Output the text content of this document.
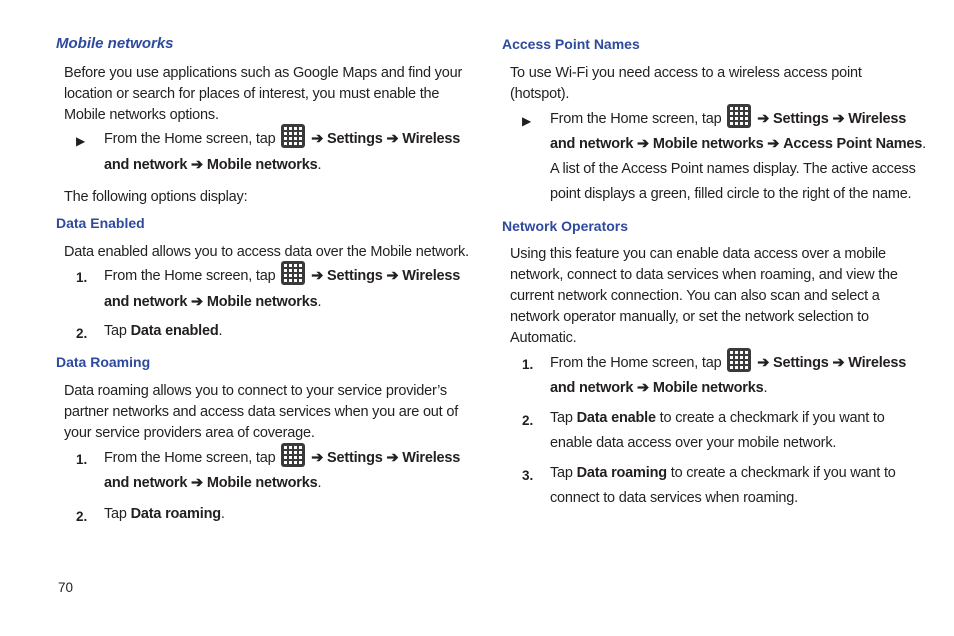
Mobile networks
Before you use applications such as Google Maps and find your location or search for places of interest, you must enable the Mobile networks options.
▶ From the Home screen, tap ➔ Settings ➔ Wireless
and network ➔ Mobile networks.
The following options display:
Data Enabled
Data enabled allows you to access data over the Mobile network.
1. From the Home screen, tap ➔ Settings ➔ Wireless
and network ➔ Mobile networks.
2. Tap Data enabled.
Data Roaming
Data roaming allows you to connect to your service provider’s partner networks and access data services when you are out of your service providers area of coverage.
1. From the Home screen, tap ➔ Settings ➔ Wireless
and network ➔ Mobile networks.
2. Tap Data roaming.
Access Point Names
To use Wi-Fi you need access to a wireless access point (hotspot).
▶ From the Home screen, tap ➔ Settings ➔ Wireless
and network ➔ Mobile networks ➔ Access Point Names.
A list of the Access Point names display. The active access
point displays a green, filled circle to the right of the name.
Network Operators
Using this feature you can enable data access over a mobile network, connect to data services when roaming, and view the current network connection. You can also scan and select a network operator manually, or set the network selection to Automatic.
1. From the Home screen, tap ➔ Settings ➔ Wireless
and network ➔ Mobile networks.
2. Tap Data enable to create a checkmark if you want to
enable data access over your mobile network.
3. Tap Data roaming to create a checkmark if you want to
connect to data services when roaming.
70
